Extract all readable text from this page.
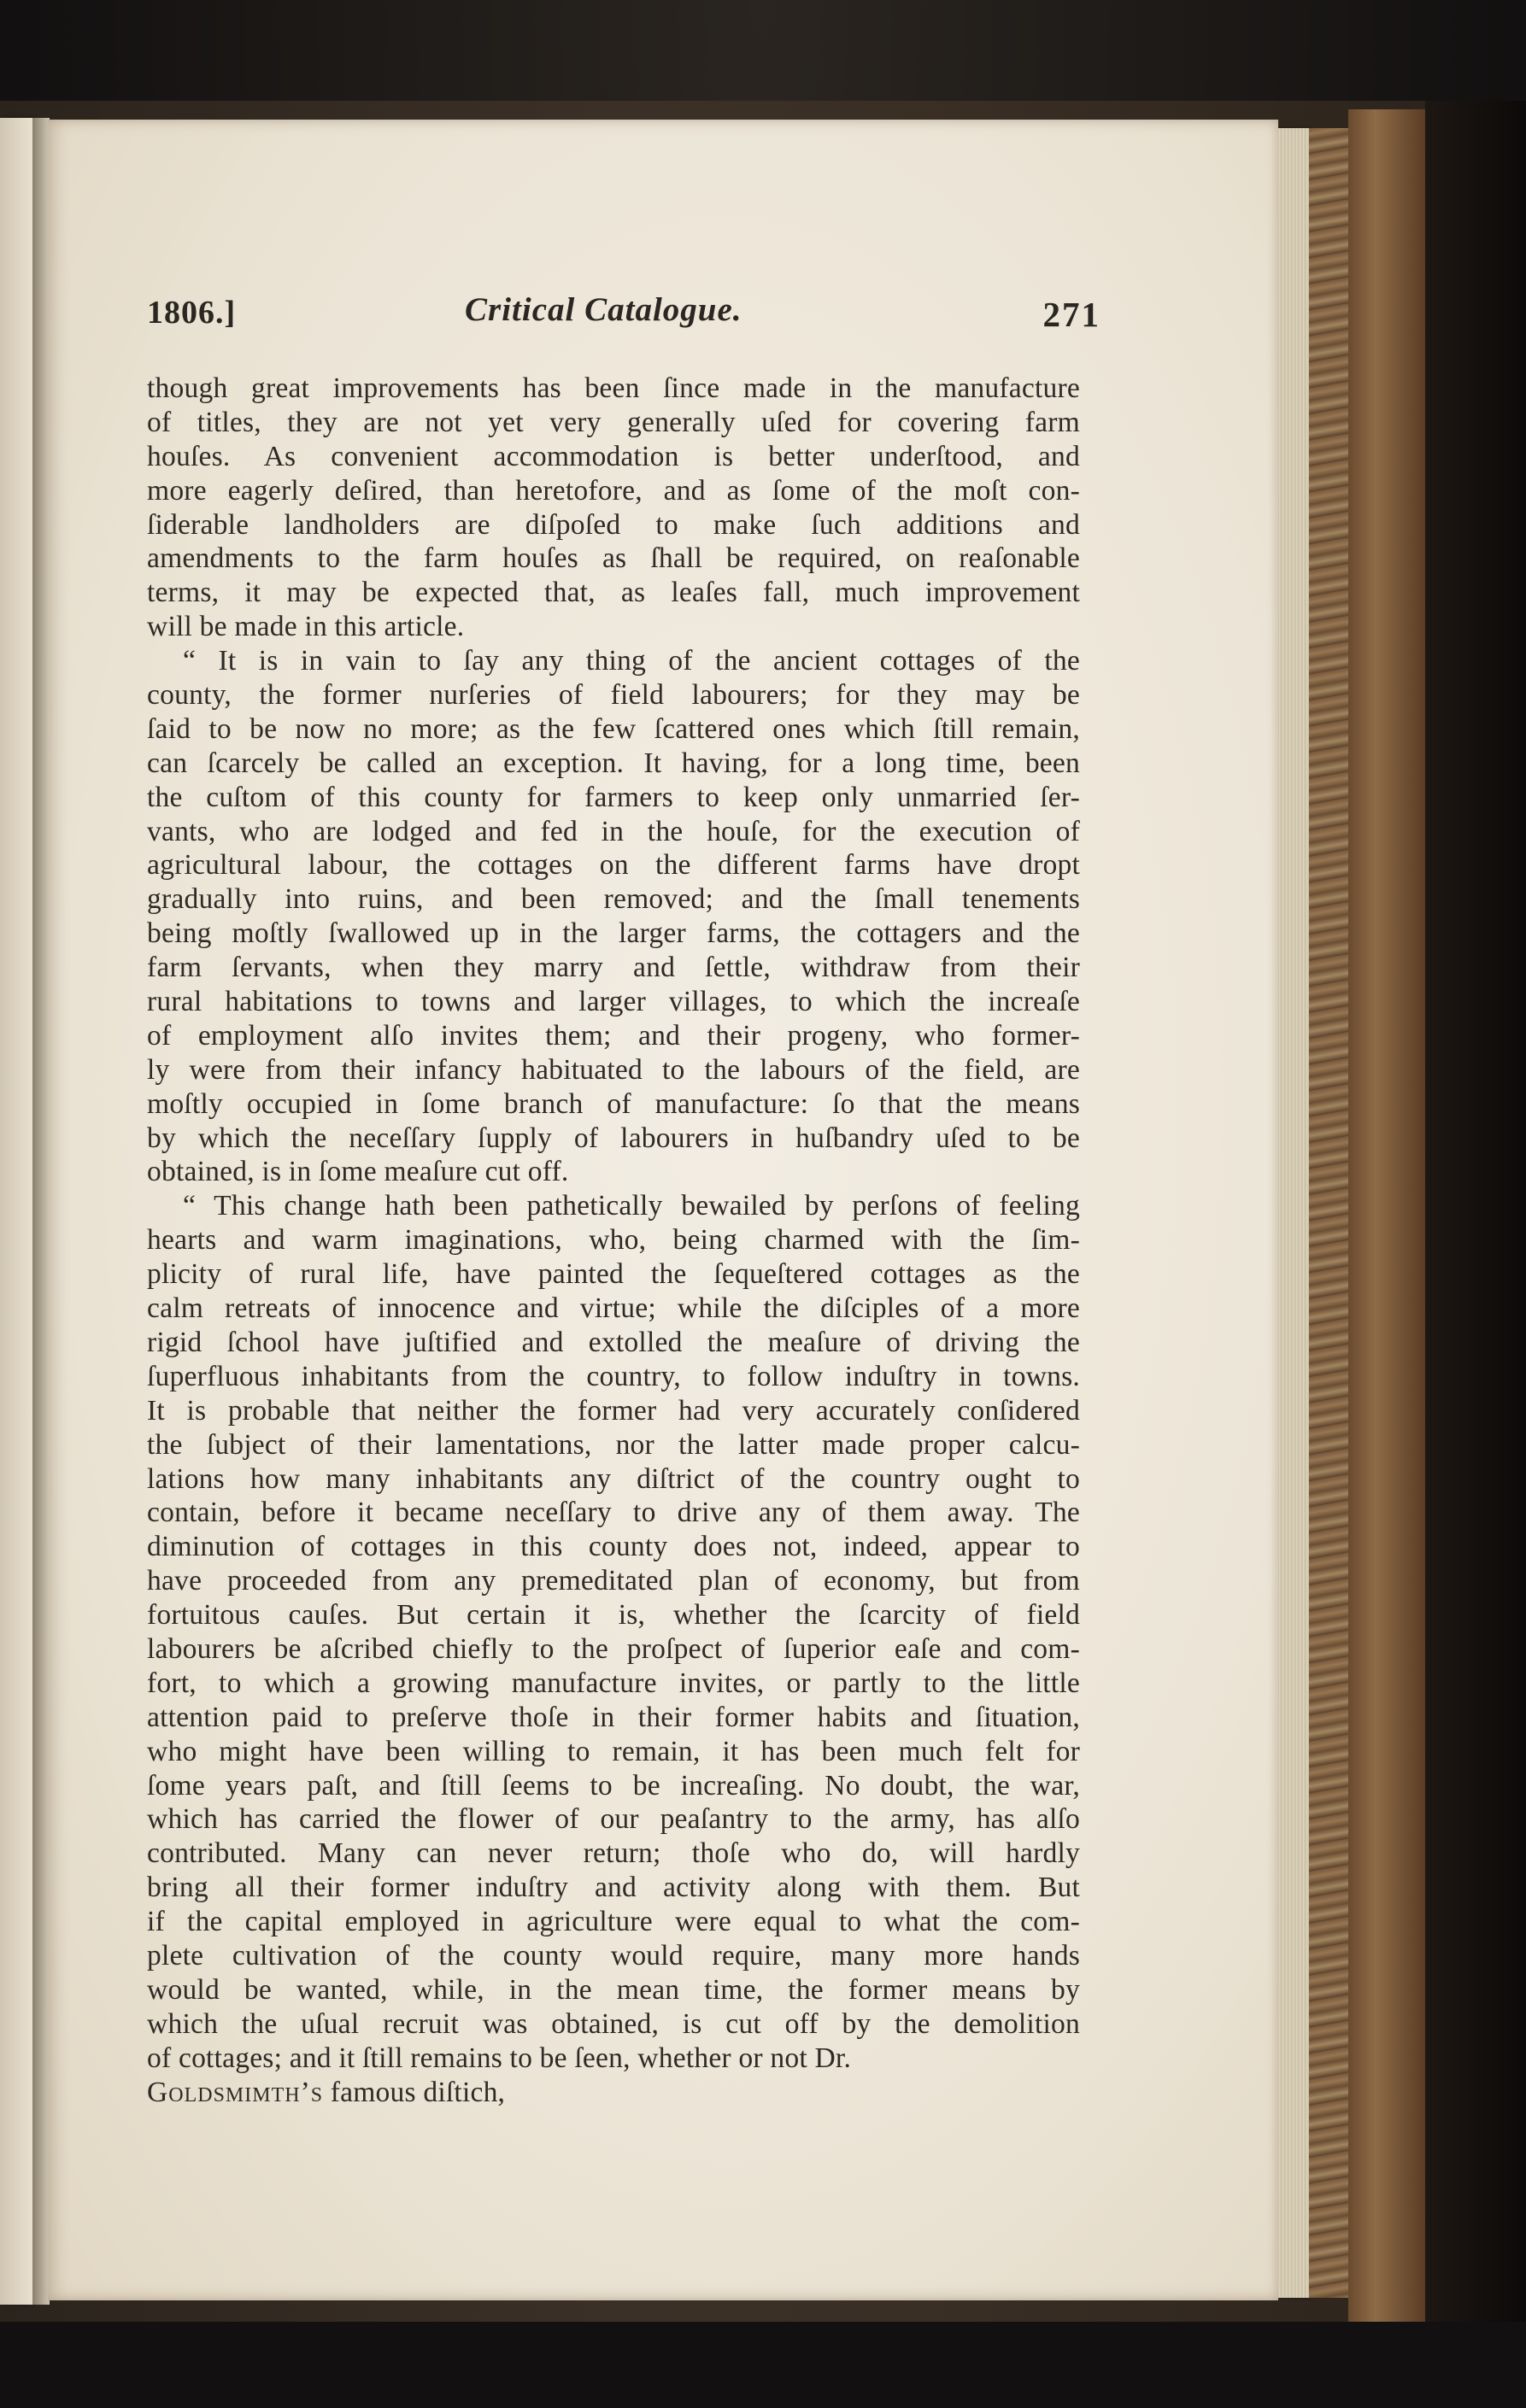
1806.]	Critical Catalogue.	271
though great improvements has been ſince made in the manufacture
of titles, they are not yet very generally uſed for covering farm
houſes. As convenient accommodation is better underſtood, and
more eagerly deſired, than heretofore, and as ſome of the moſt con-
ſiderable landholders are diſpoſed to make ſuch additions and
amendments to the farm houſes as ſhall be required, on reaſonable
terms, it may be expected that, as leaſes fall, much improvement
will be made in this article.
“ It is in vain to ſay any thing of the ancient cottages of the
county, the former nurſeries of field labourers; for they may be
ſaid to be now no more; as the few ſcattered ones which ſtill remain,
can ſcarcely be called an exception. It having, for a long time, been
the cuſtom of this county for farmers to keep only unmarried ſer-
vants, who are lodged and fed in the houſe, for the execution of
agricultural labour, the cottages on the different farms have dropt
gradually into ruins, and been removed; and the ſmall tenements
being moſtly ſwallowed up in the larger farms, the cottagers and the
farm ſervants, when they marry and ſettle, withdraw from their
rural habitations to towns and larger villages, to which the increaſe
of employment alſo invites them; and their progeny, who former-
ly were from their infancy habituated to the labours of the field, are
moſtly occupied in ſome branch of manufacture: ſo that the means
by which the neceſſary ſupply of labourers in huſbandry uſed to be
obtained, is in ſome meaſure cut off.
“ This change hath been pathetically bewailed by perſons of feeling
hearts and warm imaginations, who, being charmed with the ſim-
plicity of rural life, have painted the ſequeſtered cottages as the
calm retreats of innocence and virtue; while the diſciples of a more
rigid ſchool have juſtified and extolled the meaſure of driving the
ſuperfluous inhabitants from the country, to follow induſtry in towns.
It is probable that neither the former had very accurately conſidered
the ſubject of their lamentations, nor the latter made proper calcu-
lations how many inhabitants any diſtrict of the country ought to
contain, before it became neceſſary to drive any of them away. The
diminution of cottages in this county does not, indeed, appear to
have proceeded from any premeditated plan of economy, but from
fortuitous cauſes. But certain it is, whether the ſcarcity of field
labourers be aſcribed chiefly to the proſpect of ſuperior eaſe and com-
fort, to which a growing manufacture invites, or partly to the little
attention paid to preſerve thoſe in their former habits and ſituation,
who might have been willing to remain, it has been much felt for
ſome years paſt, and ſtill ſeems to be increaſing. No doubt, the war,
which has carried the flower of our peaſantry to the army, has alſo
contributed. Many can never return; thoſe who do, will hardly
bring all their former induſtry and activity along with them. But
if the capital employed in agriculture were equal to what the com-
plete cultivation of the county would require, many more hands
would be wanted, while, in the mean time, the former means by
which the uſual recruit was obtained, is cut off by the demolition
of cottages; and it ſtill remains to be ſeen, whether or not Dr.
Goldsmimth’s famous diſtich,
